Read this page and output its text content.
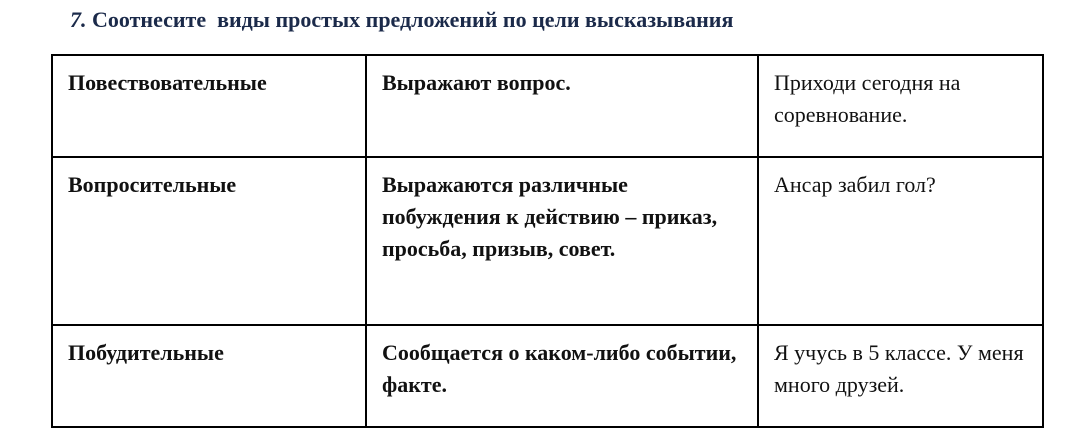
7. Соотнесите  виды простых предложений по цели высказывания
Повествовательные	Выражают вопрос.	Приходи сегодня на соревнование.

Вопросительные	Выражаются различные побуждения к действию – приказ, просьба, призыв, совет.	Ансар забил гол?

Побудительные	Сообщается о каком-либо событии, факте.	Я учусь в 5 классе. У меня много друзей.
